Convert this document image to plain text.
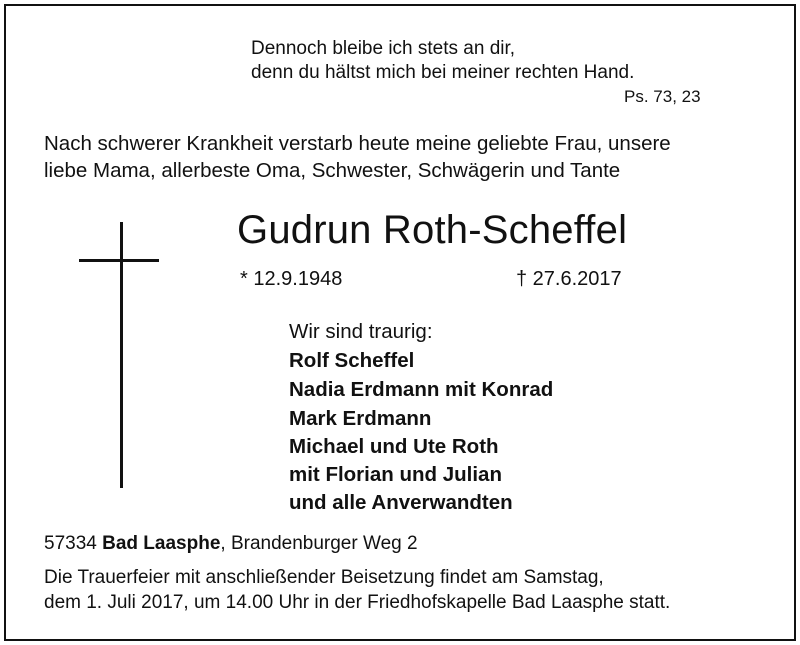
Dennoch bleibe ich stets an dir,
denn du hältst mich bei meiner rechten Hand.
Ps. 73, 23
Nach schwerer Krankheit verstarb heute meine geliebte Frau, unsere
liebe Mama, allerbeste Oma, Schwester, Schwägerin und Tante
Gudrun Roth-Scheffel
* 12.9.1948	† 27.6.2017
Wir sind traurig:
Rolf Scheffel
Nadia Erdmann mit Konrad
Mark Erdmann
Michael und Ute Roth
mit Florian und Julian
und alle Anverwandten
57334 Bad Laasphe, Brandenburger Weg 2
Die Trauerfeier mit anschließender Beisetzung findet am Samstag,
dem 1. Juli 2017, um 14.00 Uhr in der Friedhofskapelle Bad Laasphe statt.
